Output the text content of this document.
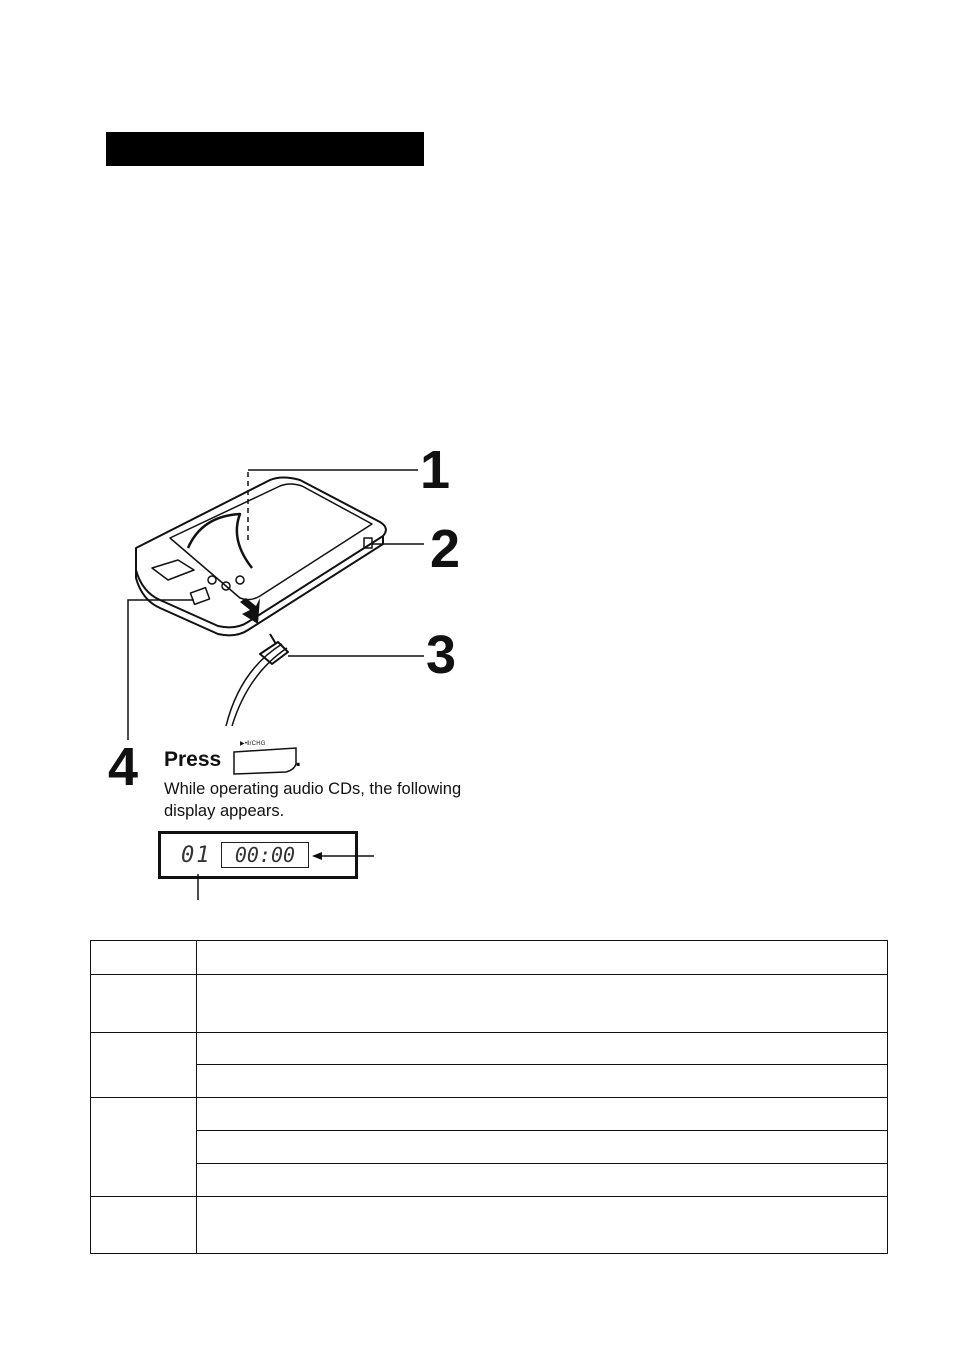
1
2
3
4	▶•‖/CHG
Press	.
While operating audio CDs, the following display appears.
01	00:00
